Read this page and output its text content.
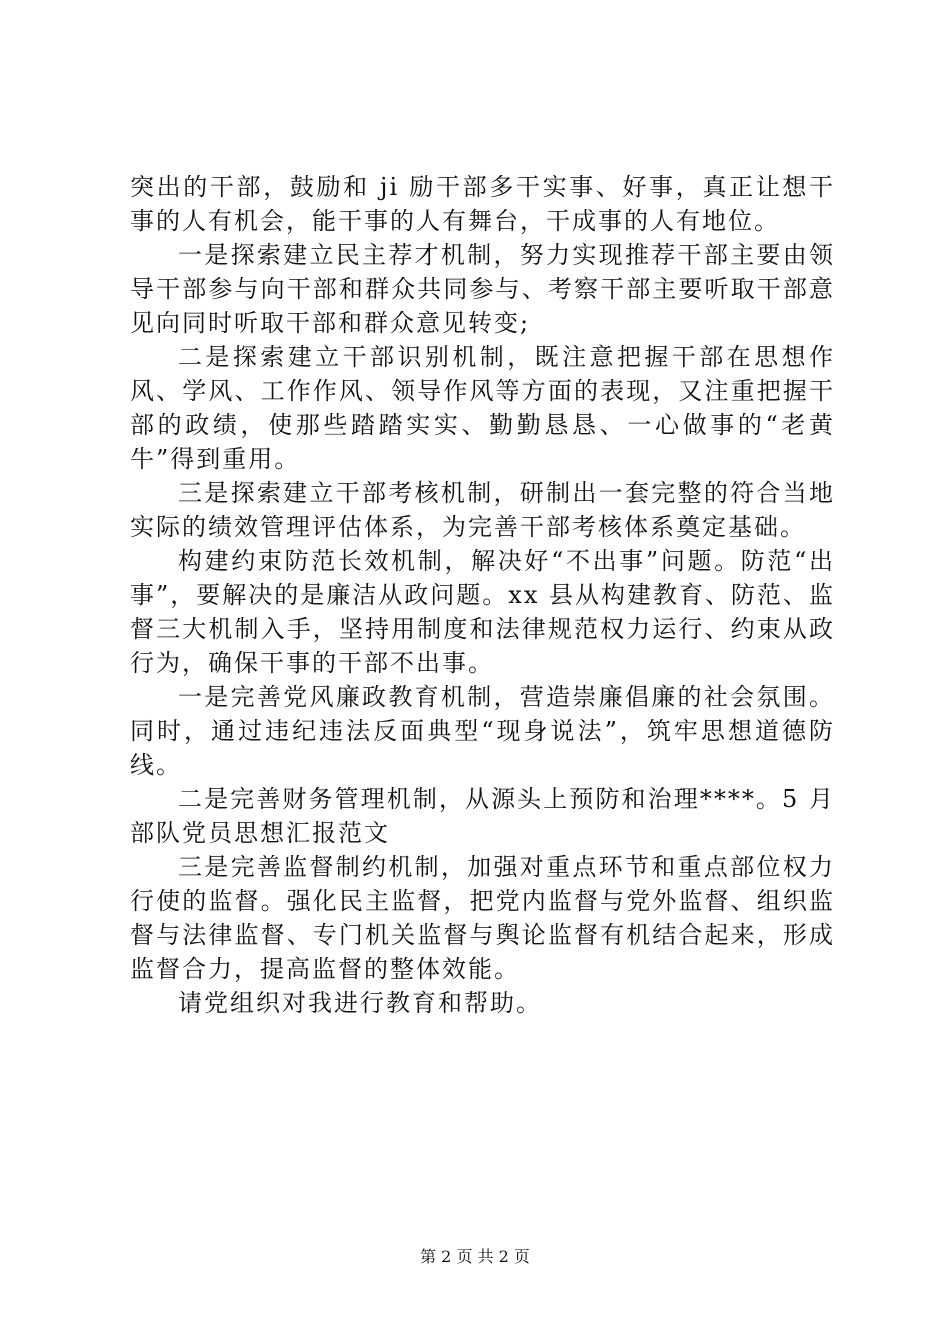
突出的干部，鼓励和 ji 励干部多干实事、好事，真正让想干事的人有机会，能干事的人有舞台，干成事的人有地位。

一是探索建立民主荐才机制，努力实现推荐干部主要由领导干部参与向干部和群众共同参与、考察干部主要听取干部意见向同时听取干部和群众意见转变;

二是探索建立干部识别机制，既注意把握干部在思想作风、学风、工作作风、领导作风等方面的表现，又注重把握干部的政绩，使那些踏踏实实、勤勤恳恳、一心做事的“老黄牛”得到重用。

三是探索建立干部考核机制，研制出一套完整的符合当地实际的绩效管理评估体系，为完善干部考核体系奠定基础。

构建约束防范长效机制，解决好“不出事”问题。防范“出事”，要解决的是廉洁从政问题。xx 县从构建教育、防范、监督三大机制入手，坚持用制度和法律规范权力运行、约束从政行为，确保干事的干部不出事。

一是完善党风廉政教育机制，营造崇廉倡廉的社会氛围。同时，通过违纪违法反面典型“现身说法”，筑牢思想道德防线。

二是完善财务管理机制，从源头上预防和治理****。5 月部队党员思想汇报范文

三是完善监督制约机制，加强对重点环节和重点部位权力行使的监督。强化民主监督，把党内监督与党外监督、组织监督与法律监督、专门机关监督与舆论监督有机结合起来，形成监督合力，提高监督的整体效能。

请党组织对我进行教育和帮助。

第 2 页 共 2 页
